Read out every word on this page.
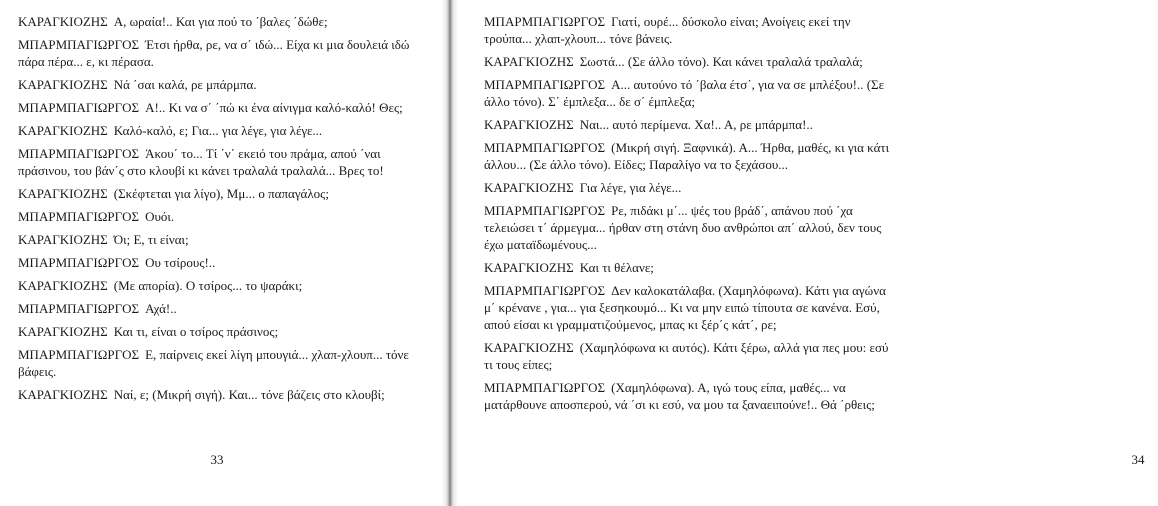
ΚΑΡΑΓΚΙΟΖΗΣ Α, ωραία!.. Και για πού το ΄βαλες ΄δώθε;

ΜΠΑΡΜΠΑΓΙΩΡΓΟΣ Έτσι ήρθα, ρε, να σ΄ ιδώ... Είχα κι μια δουλειά ιδώ πάρα πέρα... ε, κι πέρασα.

ΚΑΡΑΓΚΙΟΖΗΣ Νά ΄σαι καλά, ρε μπάρμπα.

ΜΠΑΡΜΠΑΓΙΩΡΓΟΣ Α!.. Κι να σ΄ ΄πώ κι ένα αίνιγμα καλό-καλό! Θες;

ΚΑΡΑΓΚΙΟΖΗΣ Καλό-καλό, ε; Για... για λέγε, για λέγε...

ΜΠΑΡΜΠΑΓΙΩΡΓΟΣ Άκου΄ το... Τί ΄ν΄ εκειό του πράμα, απού ΄ναι πράσινου, του βάν΄ς στο κλουβί κι κάνει τραλαλά τραλαλά... Βρες το!

ΚΑΡΑΓΚΙΟΖΗΣ (Σκέφτεται για λίγο), Μμ... ο παπαγάλος;

ΜΠΑΡΜΠΑΓΙΩΡΓΟΣ Ουόι.

ΚΑΡΑΓΚΙΟΖΗΣ Όι; Ε, τι είναι;

ΜΠΑΡΜΠΑΓΙΩΡΓΟΣ Ου τσίρους!..

ΚΑΡΑΓΚΙΟΖΗΣ (Με απορία). Ο τσίρος... το ψαράκι;

ΜΠΑΡΜΠΑΓΙΩΡΓΟΣ Αχά!..

ΚΑΡΑΓΚΙΟΖΗΣ Και τι, είναι ο τσίρος πράσινος;

ΜΠΑΡΜΠΑΓΙΩΡΓΟΣ Ε, παίρνεις εκεί λίγη μπουγιά... χλαπ-χλουπ... τόνε βάφεις.

ΚΑΡΑΓΚΙΟΖΗΣ Ναί, ε; (Μικρή σιγή). Και... τόνε βάζεις στο κλουβί;

33

ΜΠΑΡΜΠΑΓΙΩΡΓΟΣ Γιατί, ουρέ... δύσκολο είναι; Ανοίγεις εκεί την τρούπα... χλαπ-χλουπ... τόνε βάνεις.

ΚΑΡΑΓΚΙΟΖΗΣ Σωστά... (Σε άλλο τόνο). Και κάνει τραλαλά τραλαλά;

ΜΠΑΡΜΠΑΓΙΩΡΓΟΣ Α... αυτούνο τό ΄βαλα έτσ΄, για να σε μπλέξου!.. (Σε άλλο τόνο). Σ΄ έμπλεξα... δε σ΄ έμπλεξα;

ΚΑΡΑΓΚΙΟΖΗΣ Ναι... αυτό περίμενα. Χα!.. Α, ρε μπάρμπα!..

ΜΠΑΡΜΠΑΓΙΩΡΓΟΣ (Μικρή σιγή. Ξαφνικά). Α... Ήρθα, μαθές, κι για κάτι άλλου... (Σε άλλο τόνο). Είδες; Παραλίγο να το ξεχάσου...

ΚΑΡΑΓΚΙΟΖΗΣ Για λέγε, για λέγε...

ΜΠΑΡΜΠΑΓΙΩΡΓΟΣ Ρε, πιδάκι μ΄... ψές του βράδ΄, απάνου πού ΄χα τελειώσει τ΄ άρμεγμα... ήρθαν στη στάνη δυο ανθρώποι απ΄ αλλού, δεν τους έχω ματαϊδωμένους...

ΚΑΡΑΓΚΙΟΖΗΣ Και τι θέλανε;

ΜΠΑΡΜΠΑΓΙΩΡΓΟΣ Δεν καλοκατάλαβα. (Χαμηλόφωνα). Κάτι για αγώνα μ΄ κρένανε , για... για ξεσηκουμό... Κι να μην ειπώ τίπουτα σε κανένα. Εσύ, απού είσαι κι γραμματιζούμενος, μπας κι ξέρ΄ς κάτ΄, ρε;

ΚΑΡΑΓΚΙΟΖΗΣ (Χαμηλόφωνα κι αυτός). Κάτι ξέρω, αλλά για πες μου: εσύ τι τους είπες;

ΜΠΑΡΜΠΑΓΙΩΡΓΟΣ (Χαμηλόφωνα). Α, ιγώ τους είπα, μαθές... να ματάρθουνε αποσπερού, νά ΄σι κι εσύ, να μου τα ξαναειπούνε!.. Θά ΄ρθεις;

34
